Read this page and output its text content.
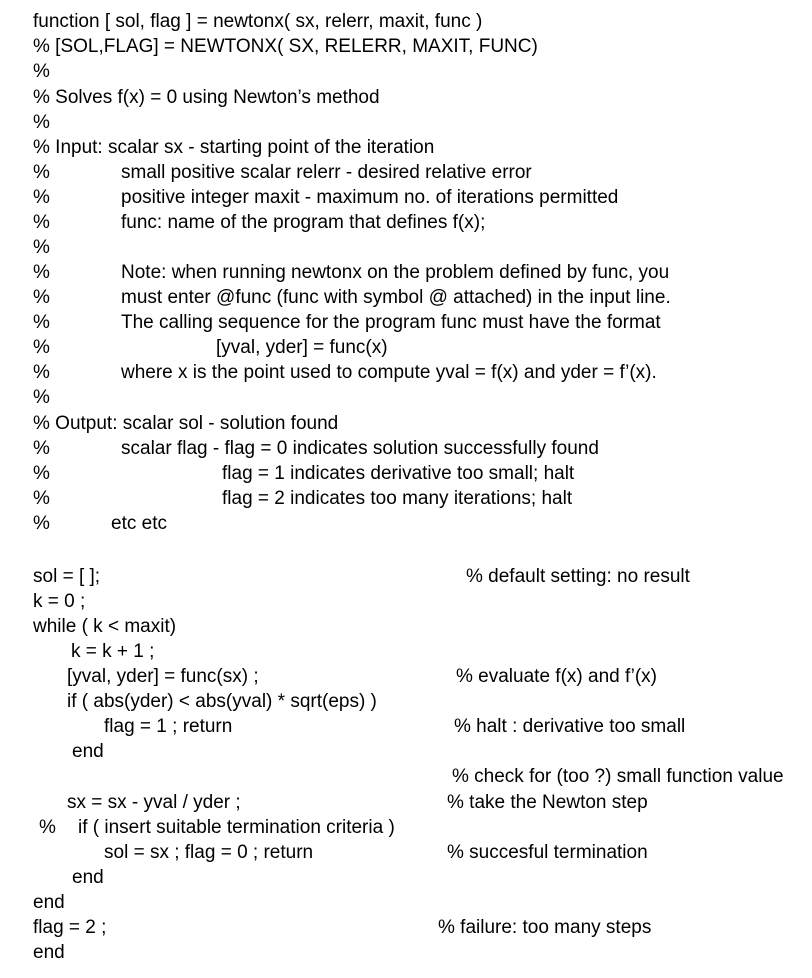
function [ sol, flag ] = newtonx( sx, relerr, maxit, func )
% [SOL,FLAG] = NEWTONX( SX, RELERR, MAXIT, FUNC)
%
% Solves f(x) = 0 using Newton’s method
%
% Input: scalar sx - starting point of the iteration
%	small positive scalar relerr - desired relative error
%	positive integer maxit - maximum no. of iterations permitted
%	func: name of the program that defines f(x);
%
%	Note: when running newtonx on the problem defined by func, you
%	must enter @func (func with symbol @ attached) in the input line.
%	The calling sequence for the program func must have the format
%	[yval, yder] = func(x)
%	where x is the point used to compute yval = f(x) and yder = f’(x).
%
% Output: scalar sol - solution found
%	scalar flag - flag = 0 indicates solution successfully found
%	flag = 1 indicates derivative too small; halt
%	flag = 2 indicates too many iterations; halt
%	etc etc
sol = [ ];	% default setting: no result
k = 0 ;
while ( k < maxit)
k = k + 1 ;
[yval, yder] = func(sx) ;	% evaluate f(x) and f’(x)
if ( abs(yder) < abs(yval) * sqrt(eps) )
flag = 1 ; return	% halt : derivative too small
end
% check for (too ?) small function value
sx = sx - yval / yder ;	% take the Newton step
% if ( insert suitable termination criteria )
sol = sx ; flag = 0 ; return	% succesful termination
end
end
flag = 2 ;	% failure: too many steps
end
